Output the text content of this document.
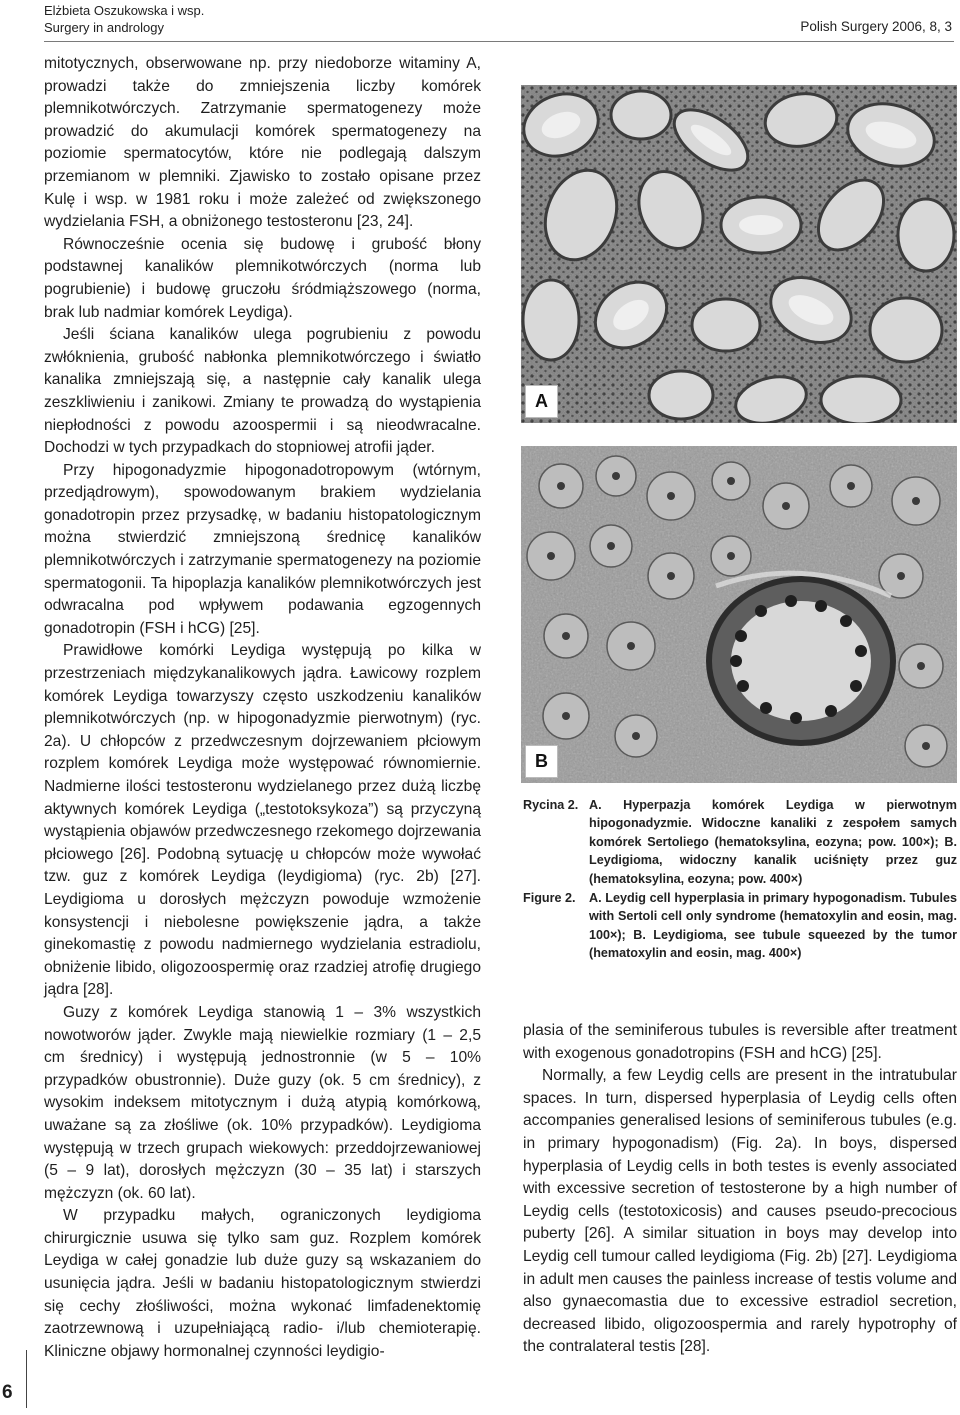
Elżbieta Oszukowska i wsp.
Surgery in andrology	Polish Surgery 2006, 8, 3

mitotycznych, obserwowane np. przy niedoborze witaminy A, prowadzi także do zmniejszenia liczby komórek plemnikotwórczych. Zatrzymanie spermatogenezy może prowadzić do akumulacji komórek spermatogenezy na poziomie spermatocytów, które nie podlegają dalszym przemianom w plemniki. Zjawisko to zostało opisane przez Kulę i wsp. w 1981 roku i może zależeć od zwiększonego wydzielania FSH, a obniżonego testosteronu [23, 24].

Równocześnie ocenia się budowę i grubość błony podstawnej kanalików plemnikotwórczych (norma lub pogrubienie) i budowę gruczołu śródmiąższowego (norma, brak lub nadmiar komórek Leydiga).

Jeśli ściana kanalików ulega pogrubieniu z powodu zwłóknienia, grubość nabłonka plemnikotwórczego i światło kanalika zmniejszają się, a następnie cały kanalik ulega zeszkliwieniu i zanikowi. Zmiany te prowadzą do wystąpienia niepłodności z powodu azoospermii i są nieodwracalne. Dochodzi w tych przypadkach do stopniowej atrofii jąder.

Przy hipogonadyzmie hipogonadotropowym (wtórnym, przedjądrowym), spowodowanym brakiem wydzielania gonadotropin przez przysadkę, w badaniu histopatologicznym można stwierdzić zmniejszoną średnicę kanalików plemnikotwórczych i zatrzymanie spermatogenezy na poziomie spermatogonii. Ta hipoplazja kanalików plemnikotwórczych jest odwracalna pod wpływem podawania egzogennych gonadotropin (FSH i hCG) [25].

Prawidłowe komórki Leydiga występują po kilka w przestrzeniach międzykanalikowych jądra. Ławicowy rozplem komórek Leydiga towarzyszy często uszkodzeniu kanalików plemnikotwórczych (np. w hipogonadyzmie pierwotnym) (ryc. 2a). U chłopców z przedwczesnym dojrzewaniem płciowym rozplem komórek Leydiga może występować równomiernie. Nadmierne ilości testosteronu wydzielanego przez dużą liczbę aktywnych komórek Leydiga („testotoksykoza”) są przyczyną wystąpienia objawów przedwczesnego rzekomego dojrzewania płciowego [26]. Podobną sytuację u chłopców może wywołać tzw. guz z komórek Leydiga (leydigioma) (ryc. 2b) [27]. Leydigioma u dorosłych mężczyzn powoduje wzmożenie konsystencji i niebolesne powiększenie jądra, a także ginekomastię z powodu nadmiernego wydzielania estradiolu, obniżenie libido, oligozoospermię oraz rzadziej atrofię drugiego jądra [28].

Guzy z komórek Leydiga stanowią 1 – 3% wszystkich nowotworów jąder. Zwykle mają niewielkie rozmiary (1 – 2,5 cm średnicy) i występują jednostronnie (w 5 – 10% przypadków obustronnie). Duże guzy (ok. 5 cm średnicy), z wysokim indeksem mitotycznym i dużą atypią komórkową, uważane są za złośliwe (ok. 10% przypadków). Leydigioma występują w trzech grupach wiekowych: przeddojrzewaniowej (5 – 9 lat), dorosłych mężczyzn (30 – 35 lat) i starszych mężczyzn (ok. 60 lat).

W przypadku małych, ograniczonych leydigioma chirurgicznie usuwa się tylko sam guz. Rozplem komórek Leydiga w całej gonadzie lub duże guzy są wskazaniem do usunięcia jądra. Jeśli w badaniu histopatologicznym stwierdzi się cechy złośliwości, można wykonać limfadenektomię zaotrzewnową i uzupełniającą radio- i/lub chemioterapię. Kliniczne objawy hormonalnej czynności leydigio-

A
B
Rycina 2. A. Hyperpazja komórek Leydiga w pierwotnym hipogonadyzmie. Widoczne kanaliki z zespołem samych komórek Sertoliego (hematoksylina, eozyna; pow. 100×); B. Leydigioma, widoczny kanalik uciśnięty przez guz (hematoksylina, eozyna; pow. 400×)
Figure 2.	A. Leydig cell hyperplasia in primary hypogonadism. Tubules with Sertoli cell only syndrome (hematoxylin and eosin, mag. 100×); B. Leydigioma, see tubule squeezed by the tumor (hematoxylin and eosin, mag. 400×)

plasia of the seminiferous tubules is reversible after treatment with exogenous gonadotropins (FSH and hCG) [25].

Normally, a few Leydig cells are present in the intratubular spaces. In turn, dispersed hyperplasia of Leydig cells often accompanies generalised lesions of seminiferous tubules (e.g. in primary hypogonadism) (Fig. 2a). In boys, dispersed hyperplasia of Leydig cells in both testes is evenly associated with excessive secretion of testosterone by a high number of Leydig cells (testotoxicosis) and causes pseudo-precocious puberty [26]. A similar situation in boys may develop into Leydig cell tumour called leydigioma (Fig. 2b) [27]. Leydigioma in adult men causes the painless increase of testis volume and also gynaecomastia due to excessive estradiol secretion, decreased libido, oligozoospermia and rarely hypotrophy of the contralateral testis [28].

6
